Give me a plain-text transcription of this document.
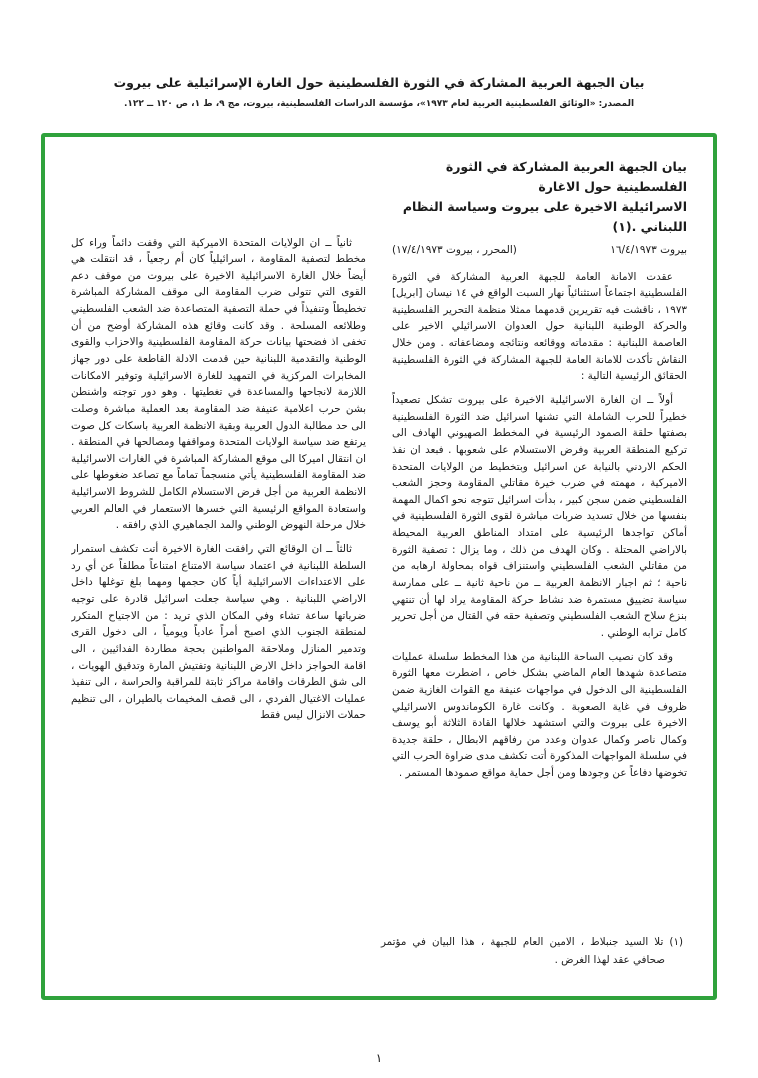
بيان الجبهة العربية المشاركة في الثورة الفلسطينية حول الغارة الإسرائيلية على بيروت
المصدر: «الوثائق الفلسطينية العربية لعام ١٩٧٣»، مؤسسة الدراسات الفلسطينية، بيروت، مج ٩، ط ١، ص ١٢٠ ــ ١٢٢.
بيان الجبهة العربية المشاركة في الثورة الفلسطينية حول الاغارة
الاسرائيلية الاخيرة على بيروت وسياسة النظام اللبناني .(١)
بيروت ١٦/٤/١٩٧٣
(المحرر ، بيروت ١٧/٤/١٩٧٣)

عقدت الامانة العامة للجبهة العربية المشاركة في الثورة الفلسطينية اجتماعاً استثنائياً نهار السبت الواقع في ١٤ نيسان [ابريل] ١٩٧٣ ، ناقشت فيه تقريرين قدمهما ممثلا منظمة التحرير الفلسطينية والحركة الوطنية اللبنانية حول العدوان الاسرائيلي الاخير على العاصمة اللبنانية : مقدماته ووقائعه ونتائجه ومضاعفاته . ومن خلال النقاش تأكدت للامانة العامة للجبهة المشاركة في الثورة الفلسطينية الحقائق الرئيسية التالية :

أولاً ــ ان الغارة الاسرائيلية الاخيرة على بيروت تشكل تصعيداً خطيراً للحرب الشاملة التي تشنها اسرائيل ضد الثورة الفلسطينية بصفتها حلقة الصمود الرئيسية في المخطط الصهيوني الهادف الى تركيع المنطقة العربية وفرض الاستسلام على شعوبها . فبعد ان نفذ الحكم الاردني بالنيابة عن اسرائيل وبتخطيط من الولايات المتحدة الاميركية ، مهمته في ضرب خيرة مقاتلي المقاومة وحجز الشعب الفلسطيني ضمن سجن كبير ، بدأت اسرائيل تتوجه نحو اكمال المهمة بنفسها من خلال تسديد ضربات مباشرة لقوى الثورة الفلسطينية في أماكن تواجدها الرئيسية على امتداد المناطق العربية المحيطة بالاراضي المحتلة . وكان الهدف من ذلك ، وما يزال : تصفية الثورة من مقاتلي الشعب الفلسطيني واستنزاف قواه بمحاولة ارهابه من ناحية ؛ ثم اجبار الانظمة العربية ــ من ناحية ثانية ــ على ممارسة سياسة تضييق مستمرة ضد نشاط حركة المقاومة يراد لها أن تنتهي بنزع سلاح الشعب الفلسطيني وتصفية حقه في القتال من أجل تحرير كامل ترابه الوطني .

وقد كان نصيب الساحة اللبنانية من هذا المخطط سلسلة عمليات متصاعدة شهدها العام الماضي بشكل خاص ، اضطرت معها الثورة الفلسطينية الى الدخول في مواجهات عنيفة مع القوات الغازية ضمن ظروف في غاية الصعوبة . وكانت غارة الكوماندوس الاسرائيلي الاخيرة على بيروت والتي استشهد خلالها القادة الثلاثة أبو يوسف وكمال ناصر وكمال عدوان وعدد من رفاقهم الابطال ، حلقة جديدة في سلسلة المواجهات المذكورة أتت تكشف مدى ضراوة الحرب التي تخوضها دفاعاً عن وجودها ومن أجل حماية مواقع صمودها المستمر .

ثانياً ــ ان الولايات المتحدة الاميركية التي وقفت دائماً وراء كل مخطط لتصفية المقاومة ، اسرائيلياً كان أم رجعياً ، قد انتقلت هي أيضاً خلال الغارة الاسرائيلية الاخيرة على بيروت من موقف دعم القوى التي تتولى ضرب المقاومة الى موقف المشاركة المباشرة تخطيطاً وتنفيذاً في حملة التصفية المتصاعدة ضد الشعب الفلسطيني وطلائعه المسلحة . وقد كانت وقائع هذه المشاركة أوضح من أن تخفى اذ فضحتها بيانات حركة المقاومة الفلسطينية والاحزاب والقوى الوطنية والتقدمية اللبنانية حين قدمت الادلة القاطعة على دور جهاز المخابرات المركزية في التمهيد للغارة الاسرائيلية وتوفير الامكانات اللازمة لانجاحها والمساعدة في تغطيتها . وهو دور توجته واشنطن بشن حرب اعلامية عنيفة ضد المقاومة بعد العملية مباشرة وصلت الى حد مطالبة الدول العربية وبقية الانظمة العربية باسكات كل صوت يرتفع ضد سياسة الولايات المتحدة ومواقفها ومصالحها في المنطقة . ان انتقال اميركا الى موقع المشاركة المباشرة في الغارات الاسرائيلية ضد المقاومة الفلسطينية يأتي منسجماً تماماً مع تصاعد ضغوطها على الانظمة العربية من أجل فرض الاستسلام الكامل للشروط الاسرائيلية واستعادة المواقع الرئيسية التي خسرها الاستعمار في العالم العربي خلال مرحلة النهوض الوطني والمد الجماهيري الذي رافقه .

ثالثاً ــ ان الوقائع التي رافقت الغارة الاخيرة أتت تكشف استمرار السلطة اللبنانية في اعتماد سياسة الامتناع امتناعاً مطلقاً عن أي رد على الاعتداءات الاسرائيلية أياً كان حجمها ومهما بلغ توغلها داخل الاراضي اللبنانية . وهي سياسة جعلت اسرائيل قادرة على توجيه ضرباتها ساعة تشاء وفي المكان الذي تريد : من الاجتياح المتكرر لمنطقة الجنوب الذي اصبح أمراً عادياً ويومياً ، الى دخول القرى وتدمير المنازل وملاحقة المواطنين بحجة مطاردة الفدائيين ، الى اقامة الحواجز داخل الارض اللبنانية وتفتيش المارة وتدقيق الهويات ، الى شق الطرقات واقامة مراكز ثابتة للمراقبة والحراسة ، الى تنفيذ عمليات الاغتيال الفردي ، الى قصف المخيمات بالطيران ، الى تنظيم حملات الانزال ليس فقط

(١) تلا السيد جنبلاط ، الامين العام للجبهة ، هذا البيان في مؤتمر صحافي عقد لهذا الغرض .

١
